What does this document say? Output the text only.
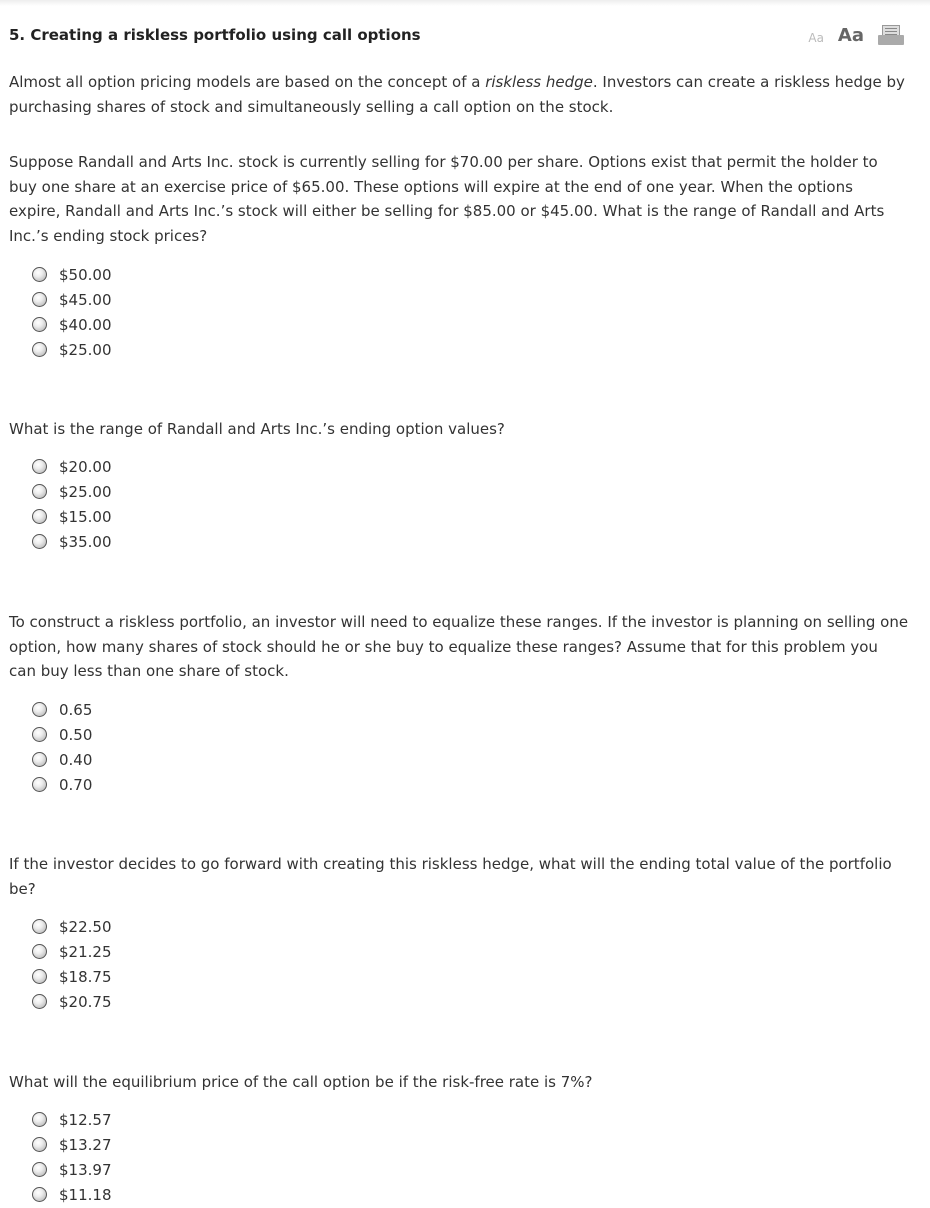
5. Creating a riskless portfolio using call options	Aa Aa
Almost all option pricing models are based on the concept of a riskless hedge. Investors can create a riskless hedge by purchasing shares of stock and simultaneously selling a call option on the stock.
Suppose Randall and Arts Inc. stock is currently selling for $70.00 per share. Options exist that permit the holder to buy one share at an exercise price of $65.00. These options will expire at the end of one year. When the options expire, Randall and Arts Inc.’s stock will either be selling for $85.00 or $45.00. What is the range of Randall and Arts Inc.’s ending stock prices?
$50.00
$45.00
$40.00
$25.00
What is the range of Randall and Arts Inc.’s ending option values?
$20.00
$25.00
$15.00
$35.00
To construct a riskless portfolio, an investor will need to equalize these ranges. If the investor is planning on selling one option, how many shares of stock should he or she buy to equalize these ranges? Assume that for this problem you can buy less than one share of stock.
0.65
0.50
0.40
0.70
If the investor decides to go forward with creating this riskless hedge, what will the ending total value of the portfolio be?
$22.50
$21.25
$18.75
$20.75
What will the equilibrium price of the call option be if the risk-free rate is 7%?
$12.57
$13.27
$13.97
$11.18
